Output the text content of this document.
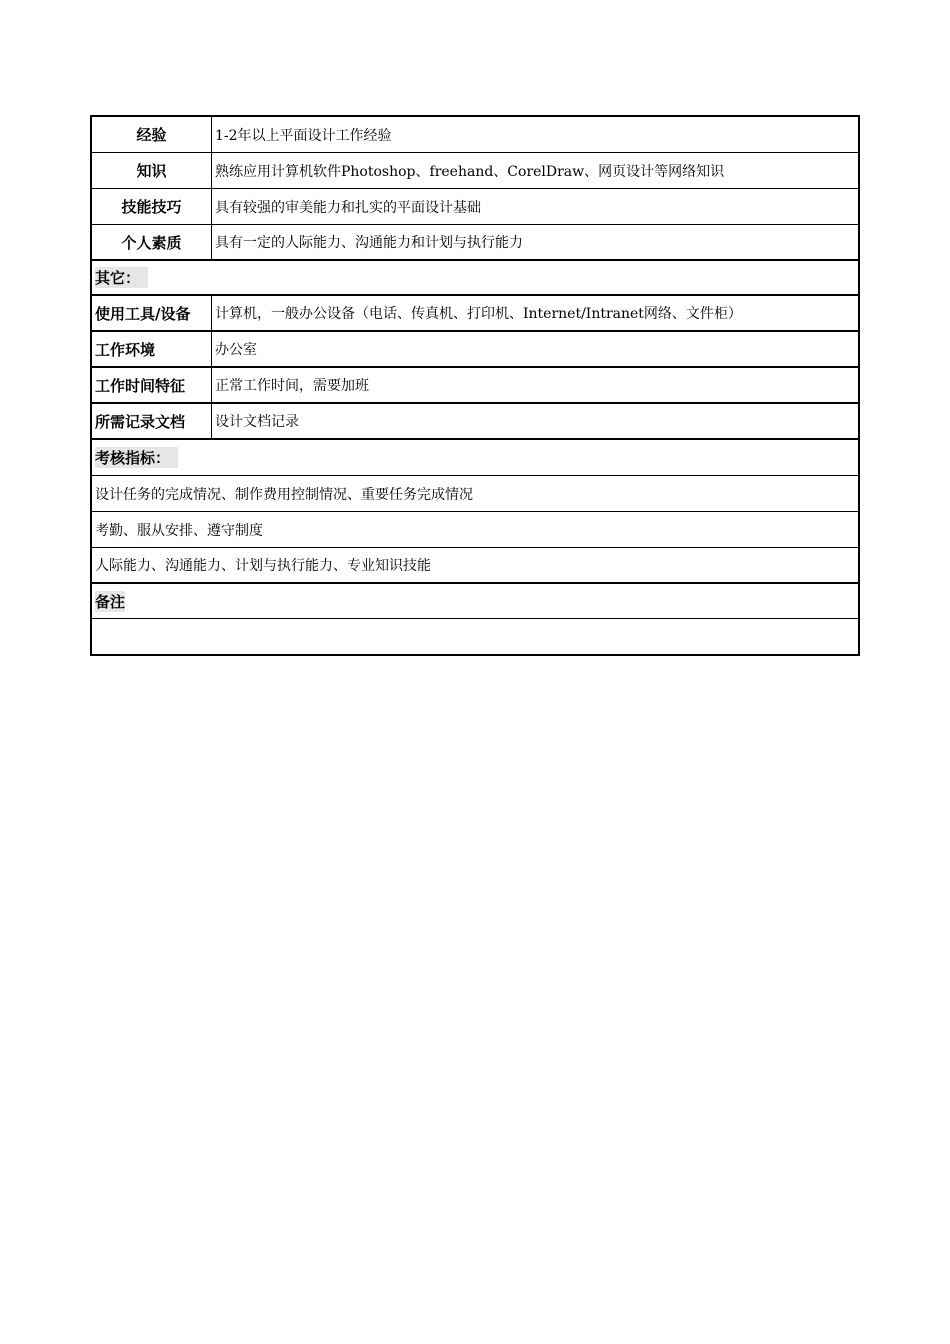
经验	1-2年以上平面设计工作经验
知识	熟练应用计算机软件Photoshop、freehand、CorelDraw、网页设计等网络知识
技能技巧	具有较强的审美能力和扎实的平面设计基础
个人素质	具有一定的人际能力、沟通能力和计划与执行能力
其它：
使用工具/设备	计算机，一般办公设备（电话、传真机、打印机、Internet/Intranet网络、文件柜）
工作环境	办公室
工作时间特征	正常工作时间，需要加班
所需记录文档	设计文档记录
考核指标：
设计任务的完成情况、制作费用控制情况、重要任务完成情况
考勤、服从安排、遵守制度
人际能力、沟通能力、计划与执行能力、专业知识技能
备注
